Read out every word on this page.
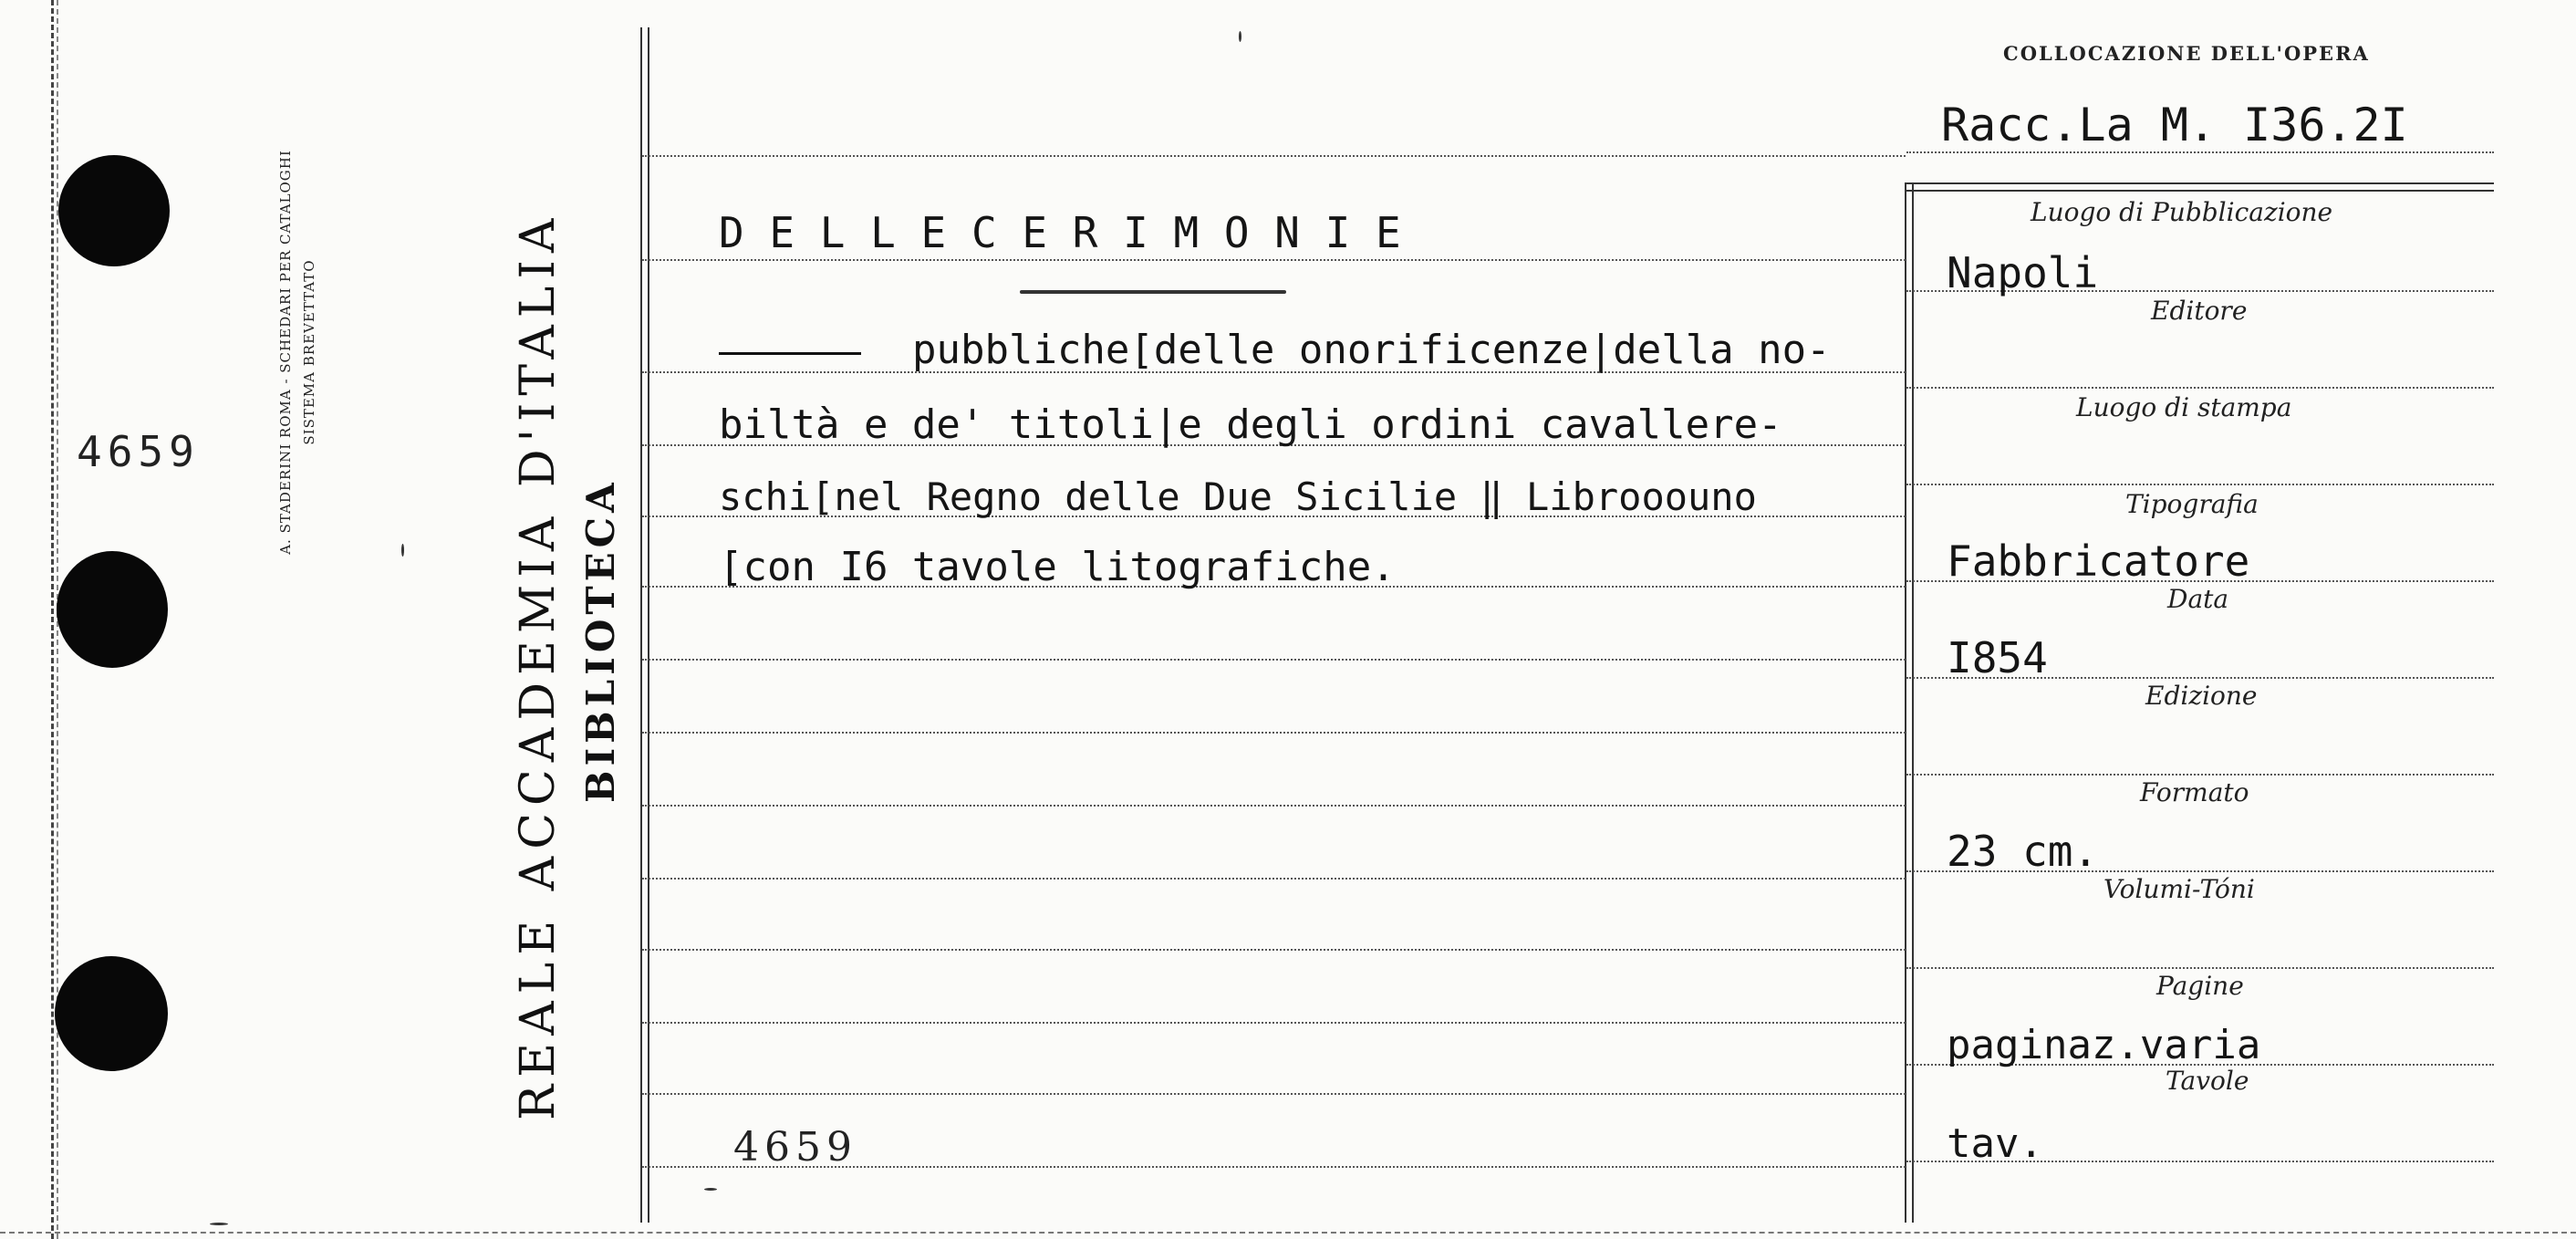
4659	A. STADERINI ROMA - SCHEDARI PER CATALOGHI SISTEMA BREVETTATO	REALE ACCADEMIA D'ITALIA BIBLIOTECA
COLLOCAZIONE DELL'OPERA
Racc.La M. I36.2I
D E L L E C E R I M O N I E
pubbliche[delle onorificenze|della no-
biltà e de' titoli|e degli ordini cavallere-
schi[nel Regno delle Due Sicilie ‖ Librooouno
[con I6 tavole litografiche.
4659
Luogo di Pubblicazione
Napoli
Editore
Luogo di stampa
Tipografia
Fabbricatore
Data
I854
Edizione
Formato
23 cm.
Volumi-Tóni
Pagine
paginaz.varia
Tavole
tav.
